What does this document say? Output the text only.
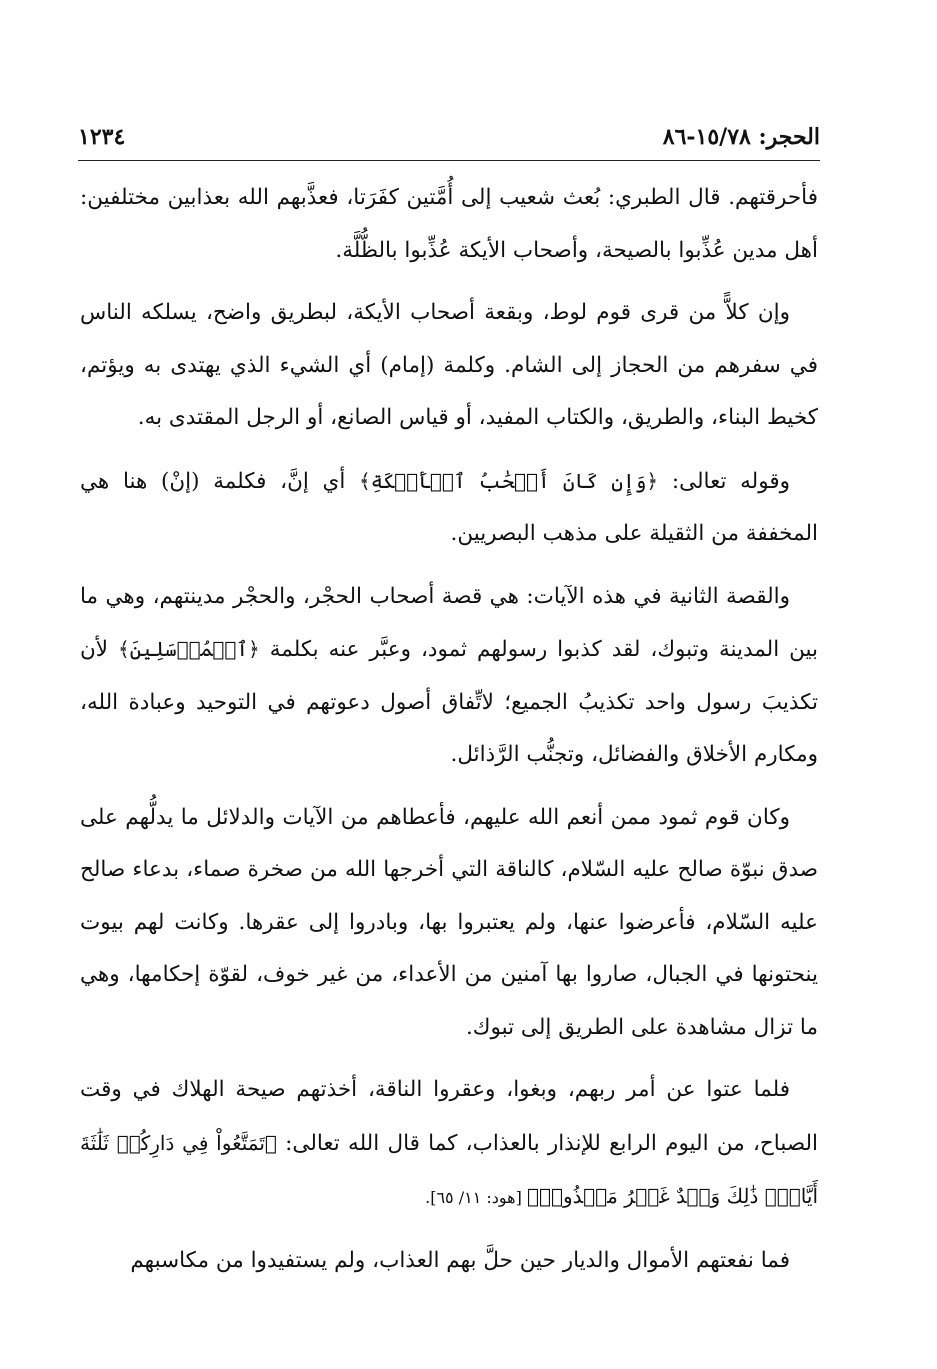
الحجر: ١٥/٧٨-٨٦
١٢٣٤

فأحرقتهم. قال الطبري: بُعث شعيب إلى أُمَّتين كفَرَتا، فعذَّبهم الله بعذابين مختلفين: أهل مدين عُذِّبوا بالصيحة، وأصحاب الأيكة عُذِّبوا بالظُّلَّة.

وإن كلاًّ من قرى قوم لوط، وبقعة أصحاب الأيكة، لبطريق واضح، يسلكه الناس في سفرهم من الحجاز إلى الشام. وكلمة (إمام) أي الشيء الذي يهتدى به ويؤتم، كخيط البناء، والطريق، والكتاب المفيد، أو قياس الصانع، أو الرجل المقتدى به.

وقوله تعالى: ﴿وَإِن كَانَ أَصۡحَٰبُ ٱلۡأَيۡكَةِ﴾ أي إنَّ، فكلمة (إنْ) هنا هي المخففة من الثقيلة على مذهب البصريين.

والقصة الثانية في هذه الآيات: هي قصة أصحاب الحجْر، والحجْر مدينتهم، وهي ما بين المدينة وتبوك، لقد كذبوا رسولهم ثمود، وعبَّر عنه بكلمة ﴿ٱلۡمُرۡسَلِينَ﴾ لأن تكذيبَ رسول واحد تكذيبُ الجميع؛ لاتِّفاق أصول دعوتهم في التوحيد وعبادة الله، ومكارم الأخلاق والفضائل، وتجنُّب الرَّذائل.

وكان قوم ثمود ممن أنعم الله عليهم، فأعطاهم من الآيات والدلائل ما يدلُّهم على صدق نبوّة صالح عليه السّلام، كالناقة التي أخرجها الله من صخرة صماء، بدعاء صالح عليه السّلام، فأعرضوا عنها، ولم يعتبروا بها، وبادروا إلى عقرها. وكانت لهم بيوت ينحتونها في الجبال، صاروا بها آمنين من الأعداء، من غير خوف، لقوّة إحكامها، وهي ما تزال مشاهدة على الطريق إلى تبوك.

فلما عتوا عن أمر ربهم، وبغوا، وعقروا الناقة، أخذتهم صيحة الهلاك في وقت الصباح، من اليوم الرابع للإنذار بالعذاب، كما قال الله تعالى: ﴿تَمَتَّعُواْ فِي دَارِكُمۡ ثَلَٰثَةَ أَيَّامٖۖ ذَٰلِكَ وَعۡدٌ غَيۡرُ مَكۡذُوبٖ﴾ [هود: ١١/ ٦٥].

فما نفعتهم الأموال والديار حين حلَّ بهم العذاب، ولم يستفيدوا من مكاسبهم
